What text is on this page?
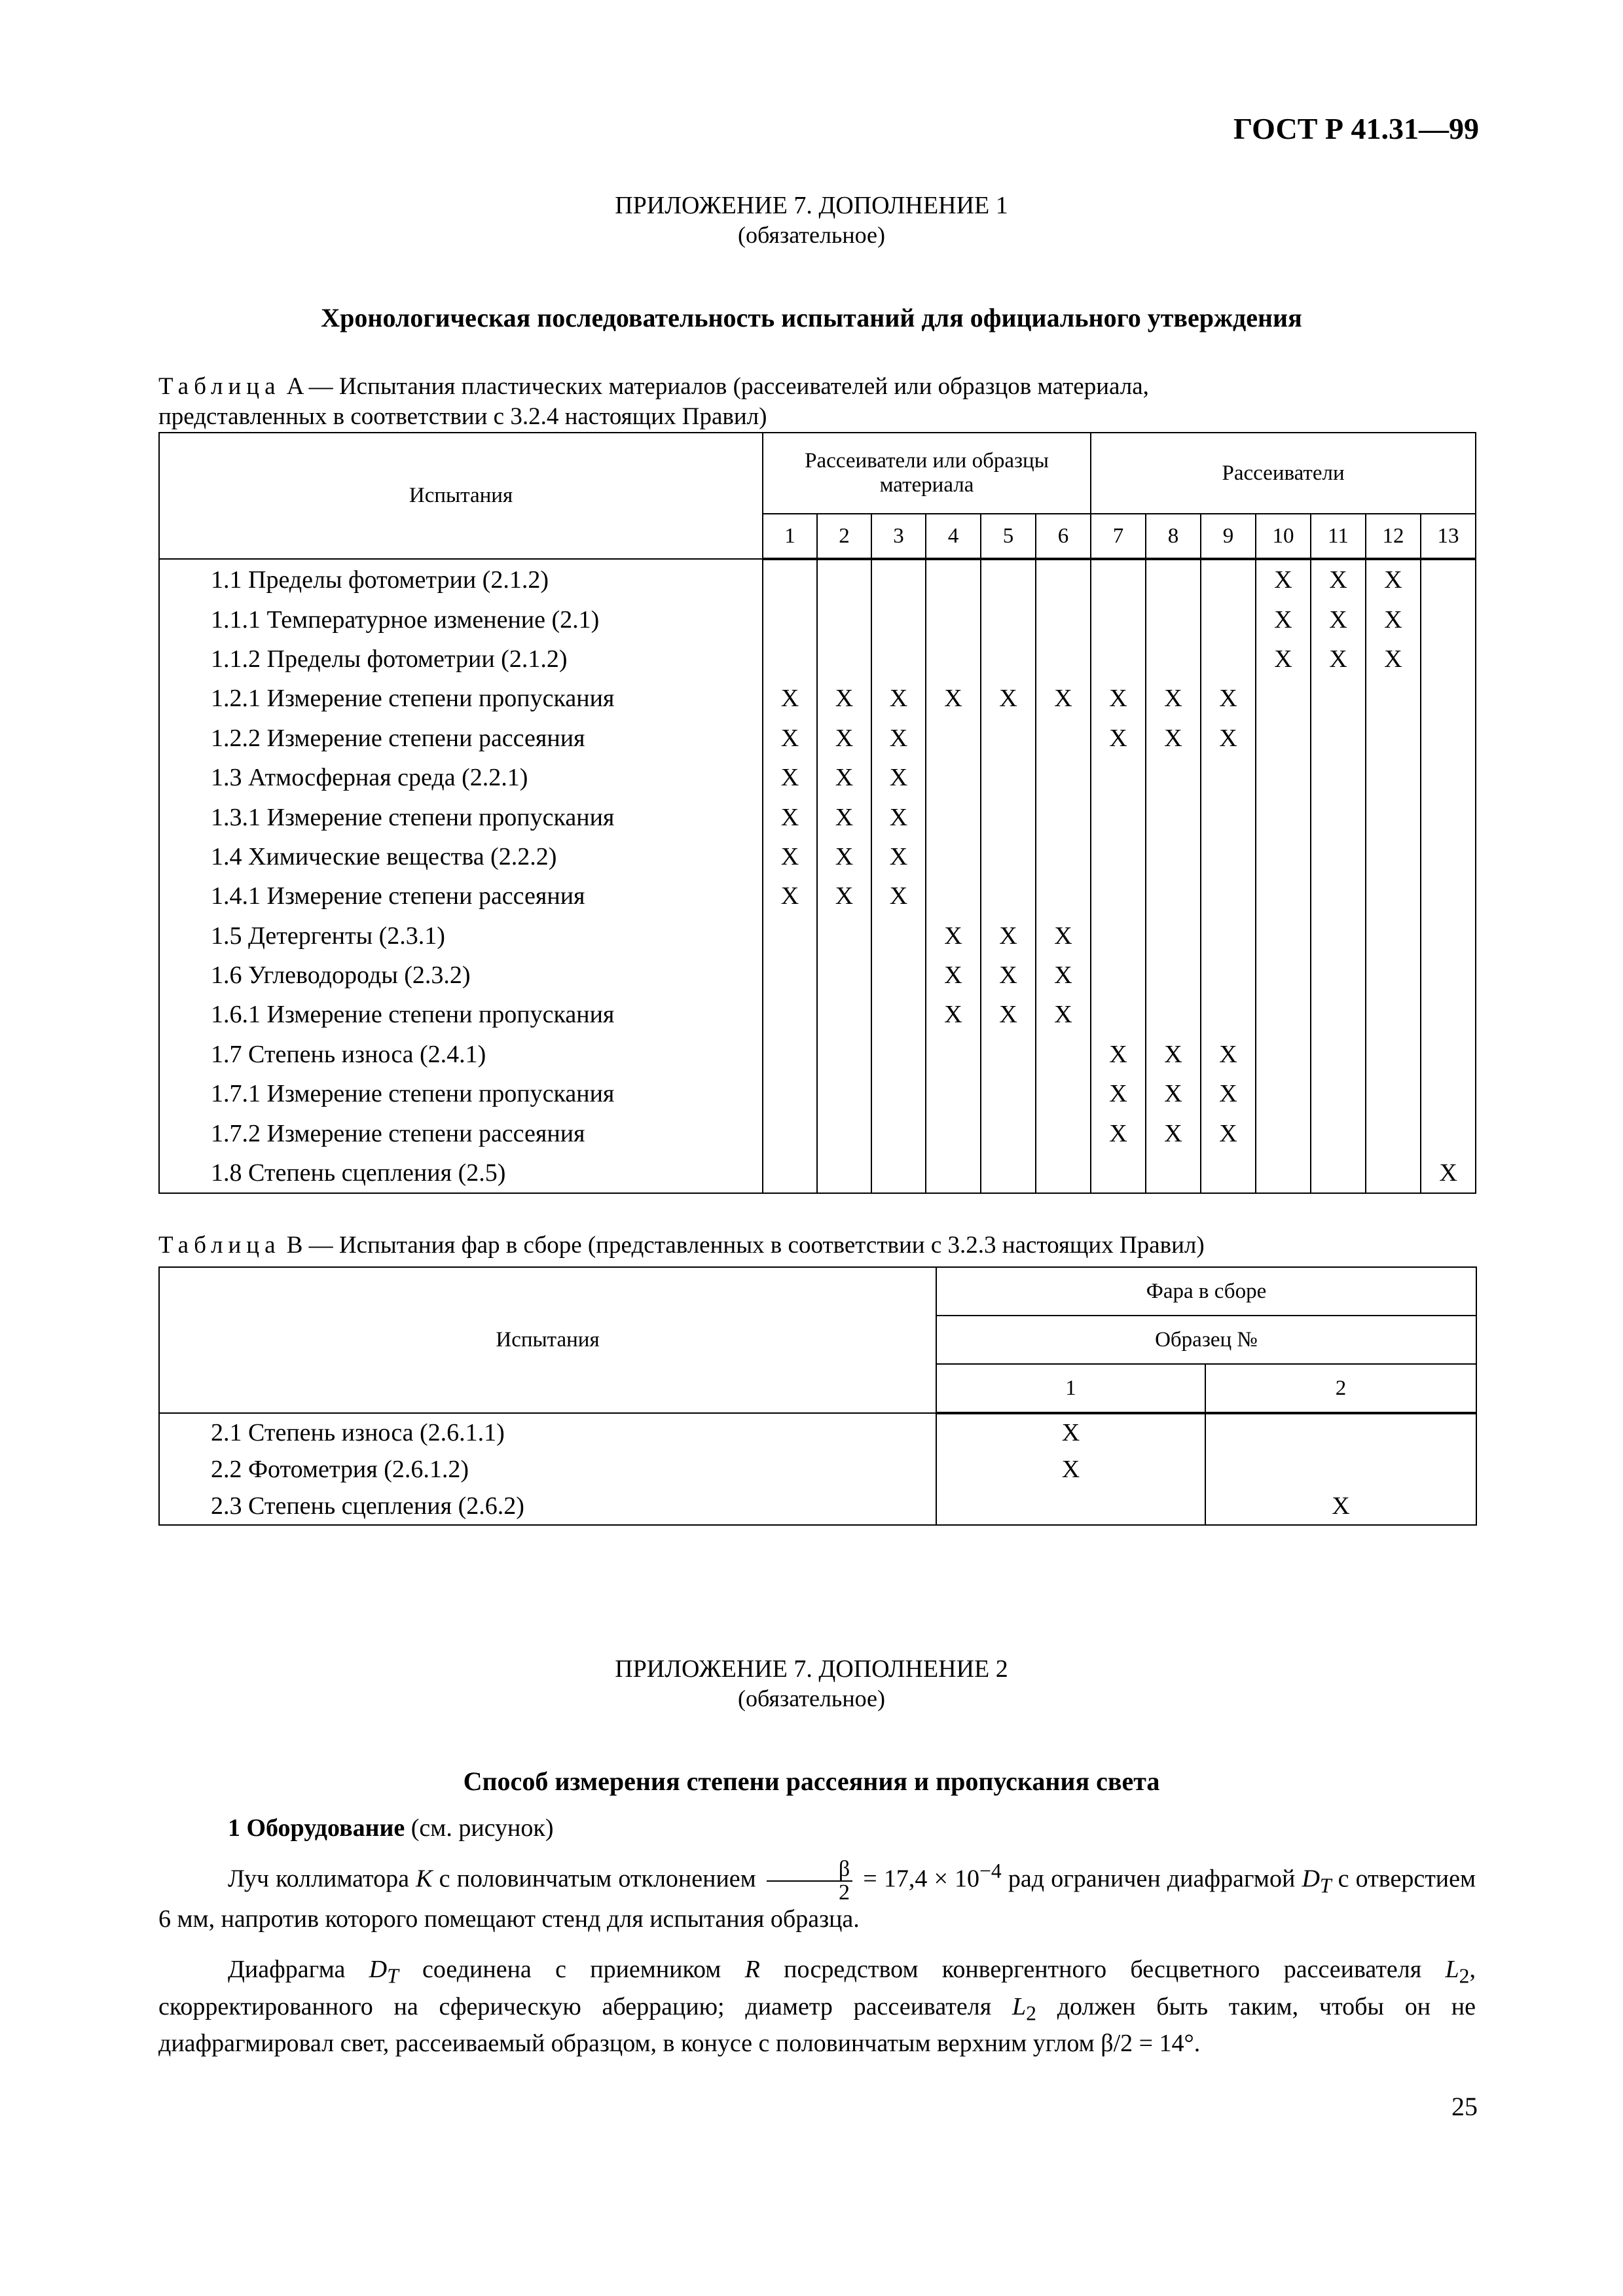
ГОСТ Р 41.31—99
ПРИЛОЖЕНИЕ 7. ДОПОЛНЕНИЕ 1
(обязательное)
Хронологическая последовательность испытаний для официального утверждения
Таблица A — Испытания пластических материалов (рассеивателей или образцов материала,
представленных в соответствии с 3.2.4 настоящих Правил)
Испытания	Рассеиватели или образцы материала						Рассеиватели						
	1	2	3	4	5	6	7	8	9	10	11	12	13
1.1 Пределы фотометрии (2.1.2)										X	X	X	
1.1.1 Температурное изменение (2.1)										X	X	X	
1.1.2 Пределы фотометрии (2.1.2)										X	X	X	
1.2.1 Измерение степени пропускания	X	X	X	X	X	X	X	X	X				
1.2.2 Измерение степени рассеяния	X	X	X				X	X	X				
1.3 Атмосферная среда (2.2.1)	X	X	X										
1.3.1 Измерение степени пропускания	X	X	X										
1.4 Химические вещества (2.2.2)	X	X	X										
1.4.1 Измерение степени рассеяния	X	X	X										
1.5 Детергенты (2.3.1)				X	X	X							
1.6 Углеводороды (2.3.2)				X	X	X							
1.6.1 Измерение степени пропускания				X	X	X							
1.7 Степень износа (2.4.1)							X	X	X				
1.7.1 Измерение степени пропускания							X	X	X				
1.7.2 Измерение степени рассеяния							X	X	X				
1.8 Степень сцепления (2.5)													X
Таблица B — Испытания фар в сборе (представленных в соответствии с 3.2.3 настоящих Правил)
Испытания	Фара в сборе	
	Образец №	
	1	2
2.1 Степень износа (2.6.1.1)	X	
2.2 Фотометрия (2.6.1.2)	X	
2.3 Степень сцепления (2.6.2)		X
ПРИЛОЖЕНИЕ 7. ДОПОЛНЕНИЕ 2
(обязательное)
Способ измерения степени рассеяния и пропускания света
1 Оборудование (см. рисунок)
Луч коллиматора K с половинчатым отклонением $\frac{\beta}{2} = 17,4 \times 10^{-4}$ рад ограничен диафрагмой $D_T$ с отверстием 6 мм, напротив которого помещают стенд для испытания образца.
Диафрагма $D_T$ соединена с приемником R посредством конвергентного бесцветного рассеивателя $L_2$, скорректированного на сферическую аберрацию; диаметр рассеивателя $L_2$ должен быть таким, чтобы он не диафрагмировал свет, рассеиваемый образцом, в конусе с половинчатым верхним углом β/2 = 14°.
25
